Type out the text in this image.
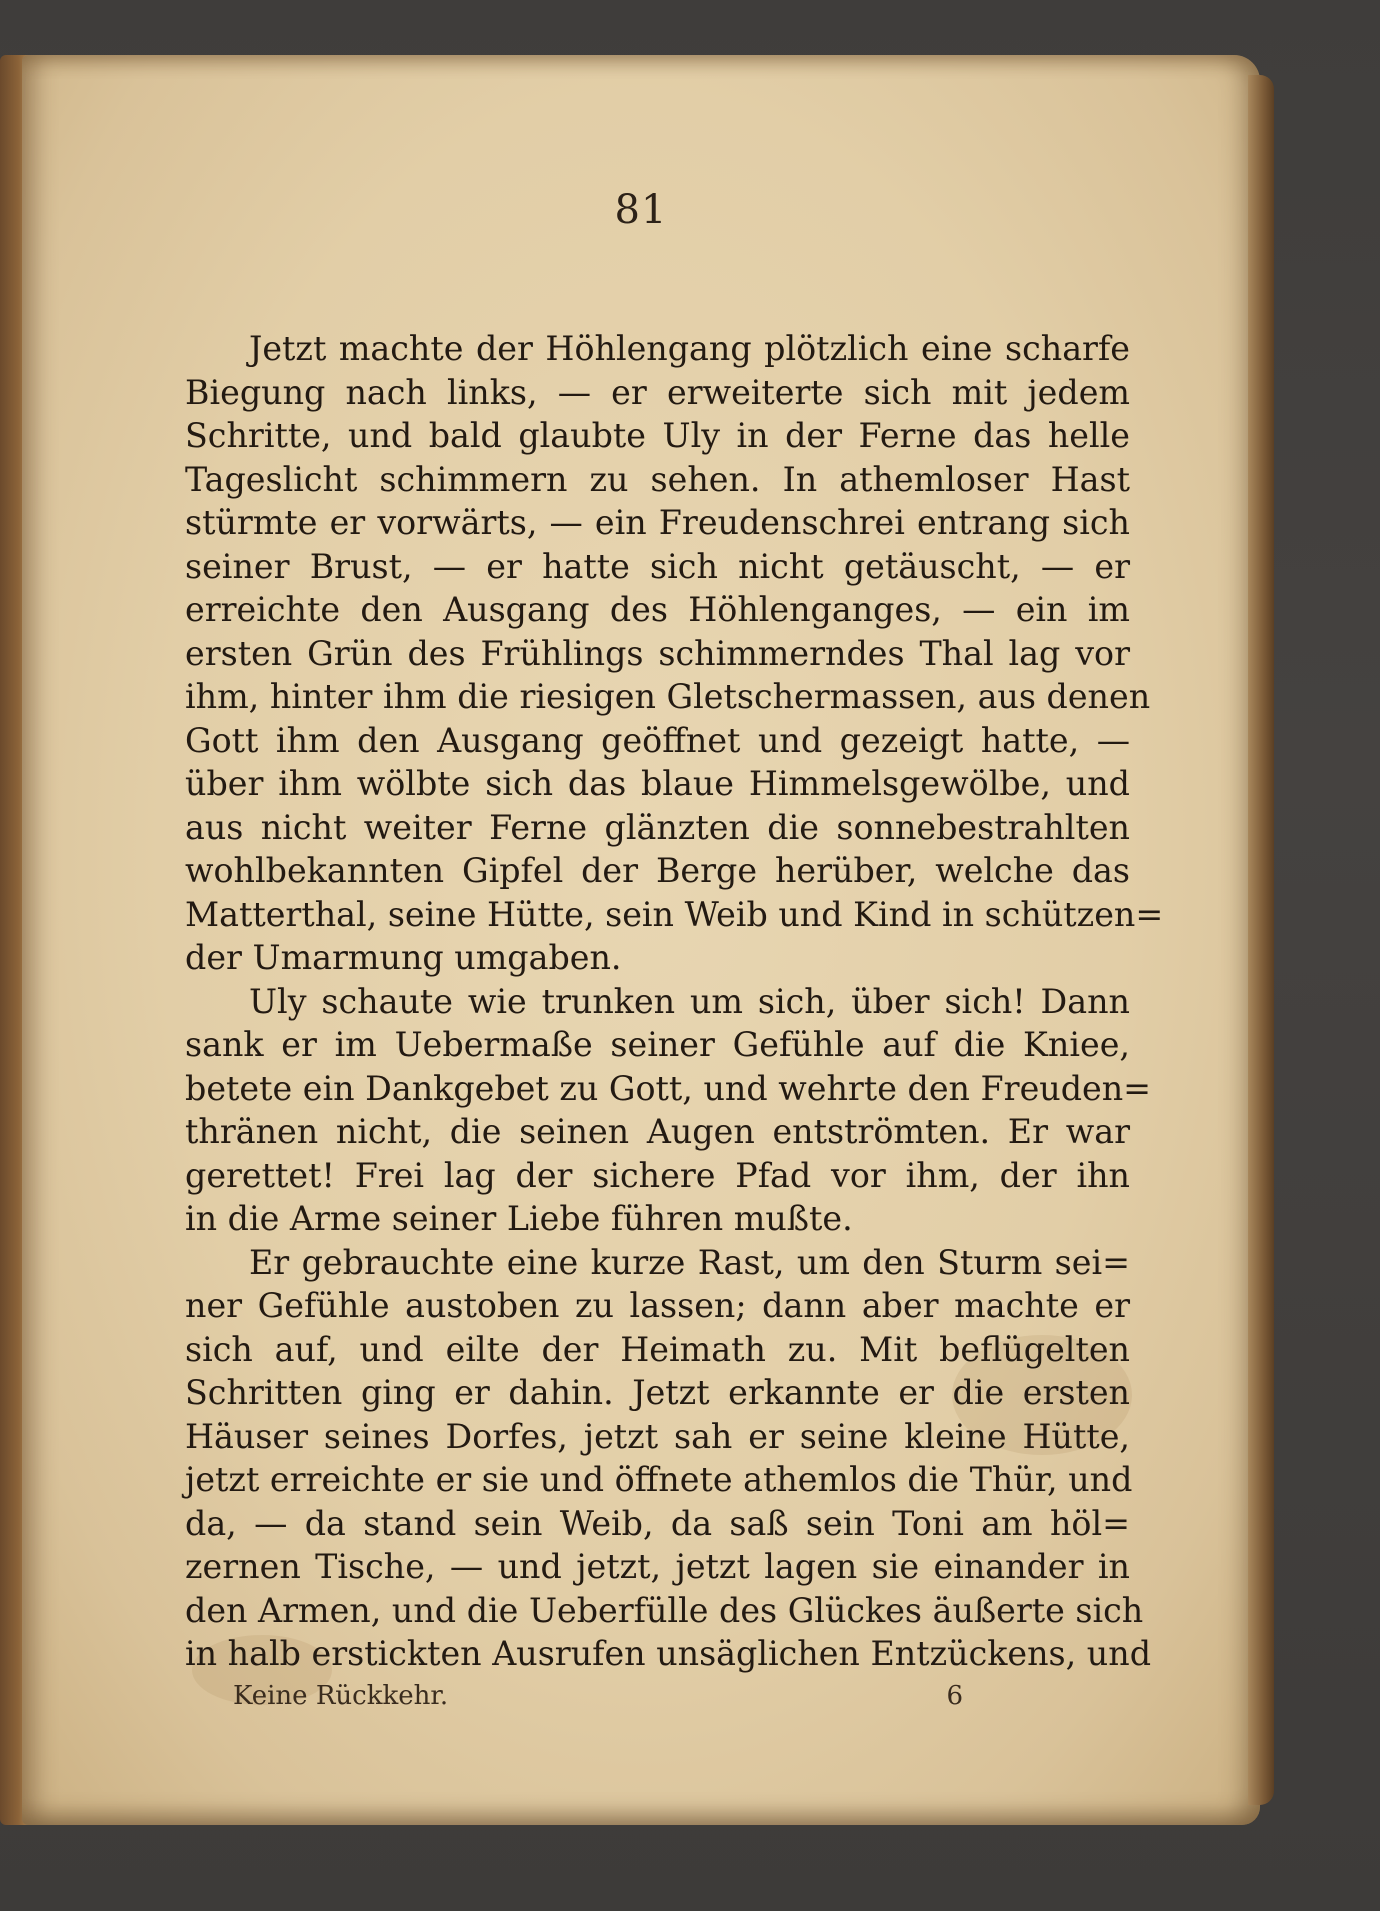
81
Jetzt machte der Höhlengang plötzlich eine scharfe
Biegung nach links, — er erweiterte sich mit jedem
Schritte, und bald glaubte Uly in der Ferne das helle
Tageslicht schimmern zu sehen. In athemloser Hast
stürmte er vorwärts, — ein Freudenschrei entrang sich
seiner Brust, — er hatte sich nicht getäuscht, — er
erreichte den Ausgang des Höhlenganges, — ein im
ersten Grün des Frühlings schimmerndes Thal lag vor
ihm, hinter ihm die riesigen Gletschermassen, aus denen
Gott ihm den Ausgang geöffnet und gezeigt hatte, —
über ihm wölbte sich das blaue Himmelsgewölbe, und
aus nicht weiter Ferne glänzten die sonnebestrahlten
wohlbekannten Gipfel der Berge herüber, welche das
Matterthal, seine Hütte, sein Weib und Kind in schützen=
der Umarmung umgaben.
Uly schaute wie trunken um sich, über sich! Dann
sank er im Uebermaße seiner Gefühle auf die Kniee,
betete ein Dankgebet zu Gott, und wehrte den Freuden=
thränen nicht, die seinen Augen entströmten. Er war
gerettet! Frei lag der sichere Pfad vor ihm, der ihn
in die Arme seiner Liebe führen mußte.
Er gebrauchte eine kurze Rast, um den Sturm sei=
ner Gefühle austoben zu lassen; dann aber machte er
sich auf, und eilte der Heimath zu. Mit beflügelten
Schritten ging er dahin. Jetzt erkannte er die ersten
Häuser seines Dorfes, jetzt sah er seine kleine Hütte,
jetzt erreichte er sie und öffnete athemlos die Thür, und
da, — da stand sein Weib, da saß sein Toni am höl=
zernen Tische, — und jetzt, jetzt lagen sie einander in
den Armen, und die Ueberfülle des Glückes äußerte sich
in halb erstickten Ausrufen unsäglichen Entzückens, und
Keine Rückkehr.	6
